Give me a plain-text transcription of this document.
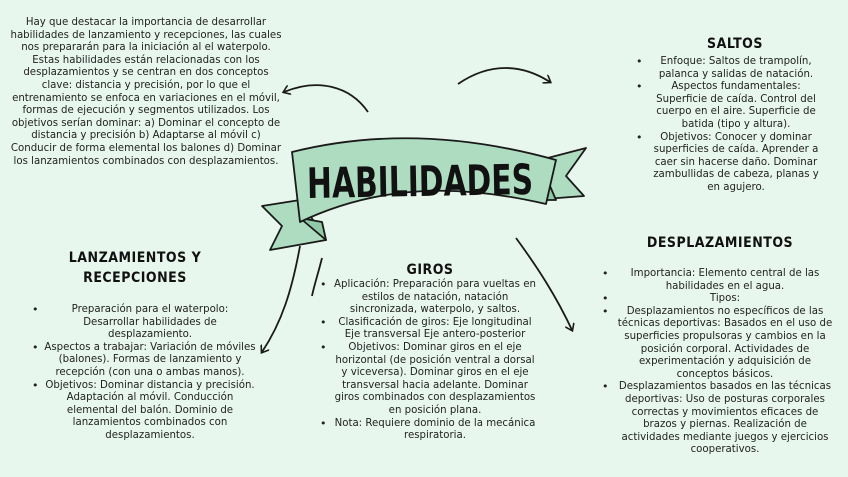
HABILIDADES
Hay que destacar la importancia de desarrollar habilidades de lanzamiento y recepciones, las cuales nos prepararán para la iniciación al el waterpolo. Estas habilidades están relacionadas con los desplazamientos y se centran en dos conceptos clave: distancia y precisión, por lo que el entrenamiento se enfoca en variaciones en el móvil, formas de ejecución y segmentos utilizados. Los objetivos serían dominar: a) Dominar el concepto de distancia y precisión b) Adaptarse al móvil c) Conducir de forma elemental los balones d) Dominar los lanzamientos combinados con desplazamientos.
SALTOS
• Enfoque: Saltos de trampolín, palanca y salidas de natación.
• Aspectos fundamentales: Superficie de caída. Control del cuerpo en el aire. Superficie de batida (tipo y altura).
• Objetivos: Conocer y dominar superficies de caída. Aprender a caer sin hacerse daño. Dominar zambullidas de cabeza, planas y en agujero.
LANZAMIENTOS Y
RECEPCIONES
• Preparación para el waterpolo: Desarrollar habilidades de desplazamiento.
• Aspectos a trabajar: Variación de móviles (balones). Formas de lanzamiento y recepción (con una o ambas manos).
• Objetivos: Dominar distancia y precisión. Adaptación al móvil. Conducción elemental del balón. Dominio de lanzamientos combinados con desplazamientos.
GIROS
• Aplicación: Preparación para vueltas en estilos de natación, natación sincronizada, waterpolo, y saltos.
• Clasificación de giros: Eje longitudinal Eje transversal Eje antero-posterior
• Objetivos: Dominar giros en el eje horizontal (de posición ventral a dorsal y viceversa). Dominar giros en el eje transversal hacia adelante. Dominar giros combinados con desplazamientos en posición plana.
• Nota: Requiere dominio de la mecánica respiratoria.
DESPLAZAMIENTOS
• Importancia: Elemento central de las habilidades en el agua.
• Tipos:
• Desplazamientos no específicos de las técnicas deportivas: Basados en el uso de superficies propulsoras y cambios en la posición corporal. Actividades de experimentación y adquisición de conceptos básicos.
• Desplazamientos basados en las técnicas deportivas: Uso de posturas corporales correctas y movimientos eficaces de brazos y piernas. Realización de actividades mediante juegos y ejercicios cooperativos.
